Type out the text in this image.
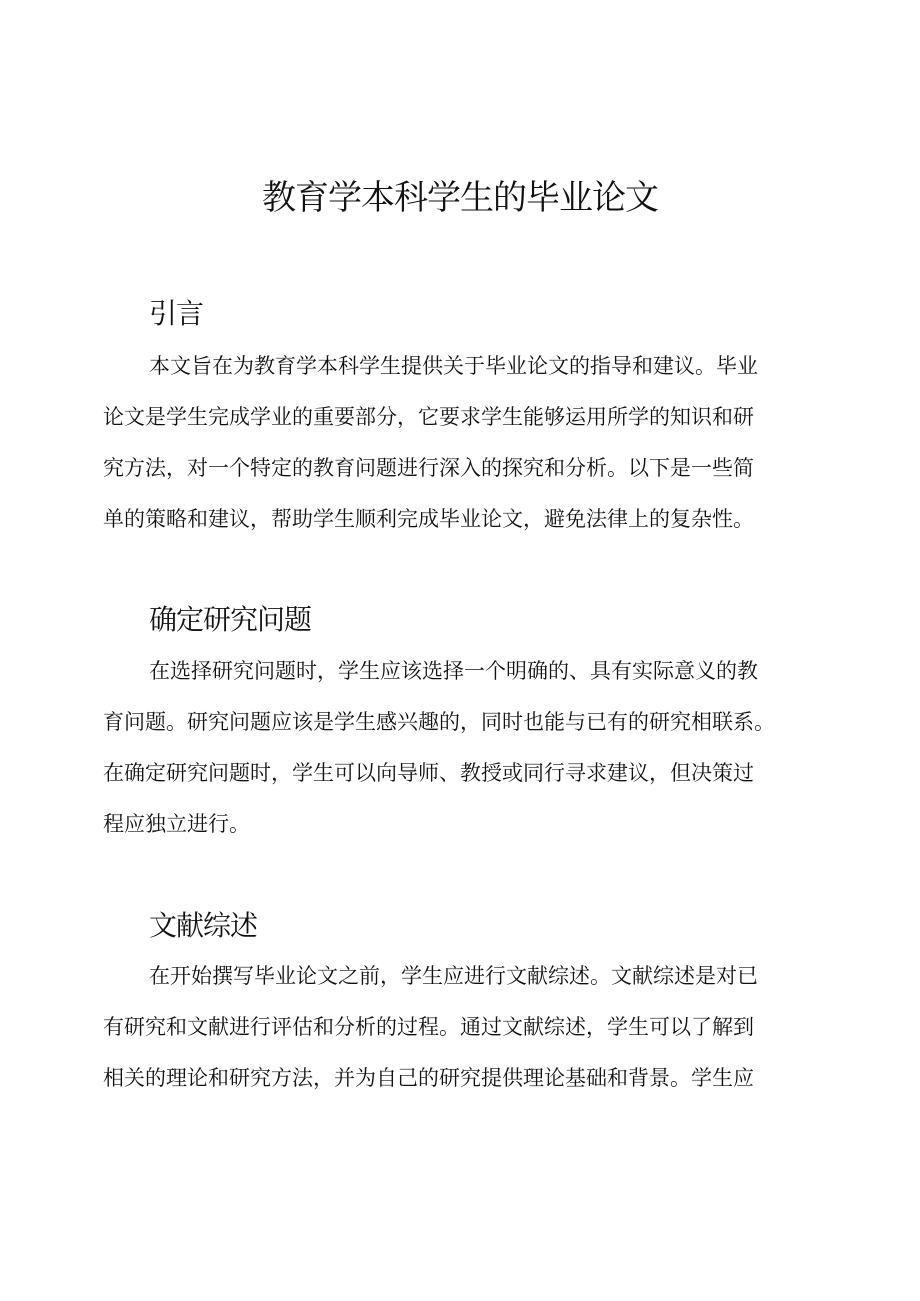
教育学本科学生的毕业论文
引言
本文旨在为教育学本科学生提供关于毕业论文的指导和建议。毕业
论文是学生完成学业的重要部分，它要求学生能够运用所学的知识和研
究方法，对一个特定的教育问题进行深入的探究和分析。以下是一些简
单的策略和建议，帮助学生顺利完成毕业论文，避免法律上的复杂性。
确定研究问题
在选择研究问题时，学生应该选择一个明确的、具有实际意义的教
育问题。研究问题应该是学生感兴趣的，同时也能与已有的研究相联系。
在确定研究问题时，学生可以向导师、教授或同行寻求建议，但决策过
程应独立进行。
文献综述
在开始撰写毕业论文之前，学生应进行文献综述。文献综述是对已
有研究和文献进行评估和分析的过程。通过文献综述，学生可以了解到
相关的理论和研究方法，并为自己的研究提供理论基础和背景。学生应
